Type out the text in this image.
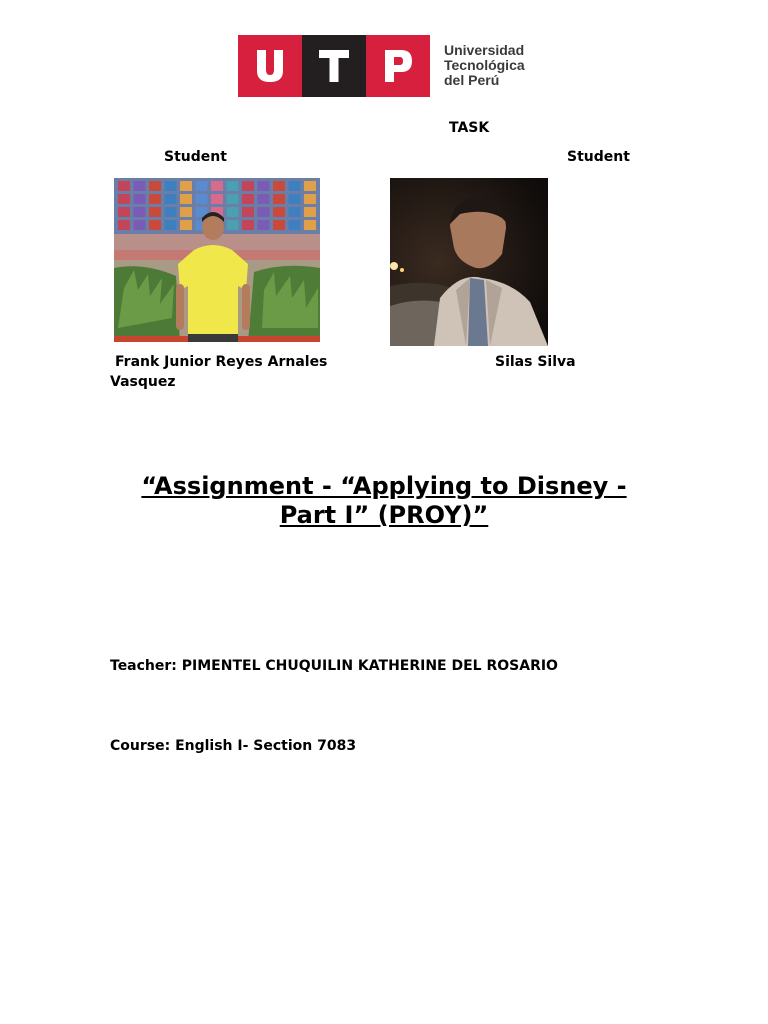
Universidad
Tecnológica
del Perú
TASK
Student	Student
Frank Junior Reyes Arnales
Vasquez
Silas Silva
“Assignment - “Applying to Disney -
Part I” (PROY)”
Teacher: PIMENTEL CHUQUILIN KATHERINE DEL ROSARIO
Course: English I- Section 7083
